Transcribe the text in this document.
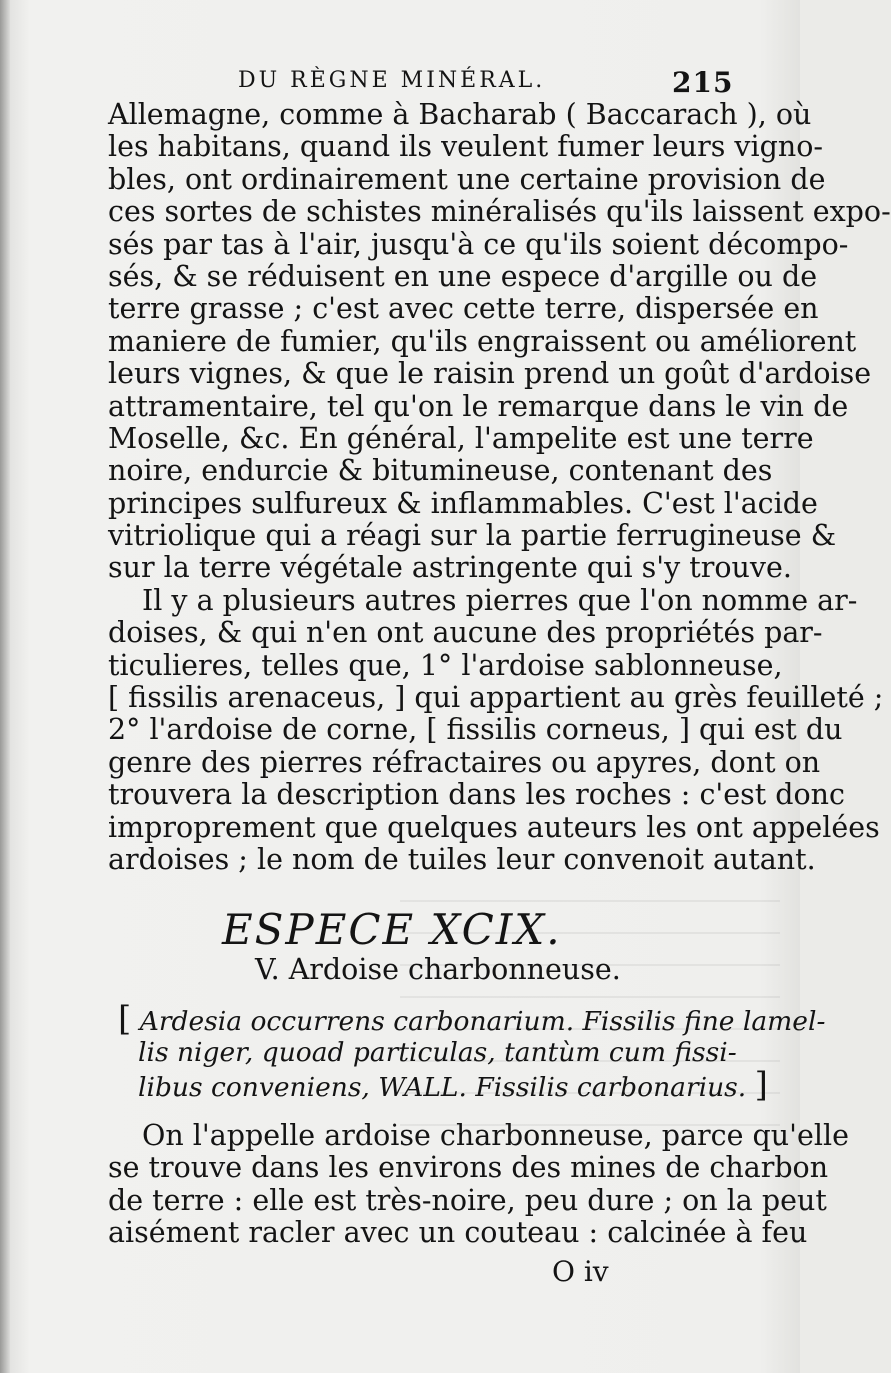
DU RÈGNE MINÉRAL.	215
Allemagne, comme à Bacharab ( Baccarach ), où
les habitans, quand ils veulent fumer leurs vigno-
bles, ont ordinairement une certaine provision de
ces sortes de schistes minéralisés qu'ils laissent expo-
sés par tas à l'air, jusqu'à ce qu'ils soient décompo-
sés, & se réduisent en une espece d'argille ou de
terre grasse ; c'est avec cette terre, dispersée en
maniere de fumier, qu'ils engraissent ou améliorent
leurs vignes, & que le raisin prend un goût d'ardoise
attramentaire, tel qu'on le remarque dans le vin de
Moselle, &c. En général, l'ampelite est une terre
noire, endurcie & bitumineuse, contenant des
principes sulfureux & inflammables. C'est l'acide
vitriolique qui a réagi sur la partie ferrugineuse &
sur la terre végétale astringente qui s'y trouve.
Il y a plusieurs autres pierres que l'on nomme ar-
doises, & qui n'en ont aucune des propriétés par-
ticulieres, telles que, 1° l'ardoise sablonneuse,
[ fissilis arenaceus, ] qui appartient au grès feuilleté ;
2° l'ardoise de corne, [ fissilis corneus, ] qui est du
genre des pierres réfractaires ou apyres, dont on
trouvera la description dans les roches : c'est donc
improprement que quelques auteurs les ont appelées
ardoises ; le nom de tuiles leur convenoit autant.
ESPECE XCIX.
V. Ardoise charbonneuse.
[ Ardesia occurrens carbonarium. Fissilis fine lamel-
lis niger, quoad particulas, tantùm cum fissi-
libus conveniens, WALL. Fissilis carbonarius. ]
On l'appelle ardoise charbonneuse, parce qu'elle
se trouve dans les environs des mines de charbon
de terre : elle est très-noire, peu dure ; on la peut
aisément racler avec un couteau : calcinée à feu
O iv
